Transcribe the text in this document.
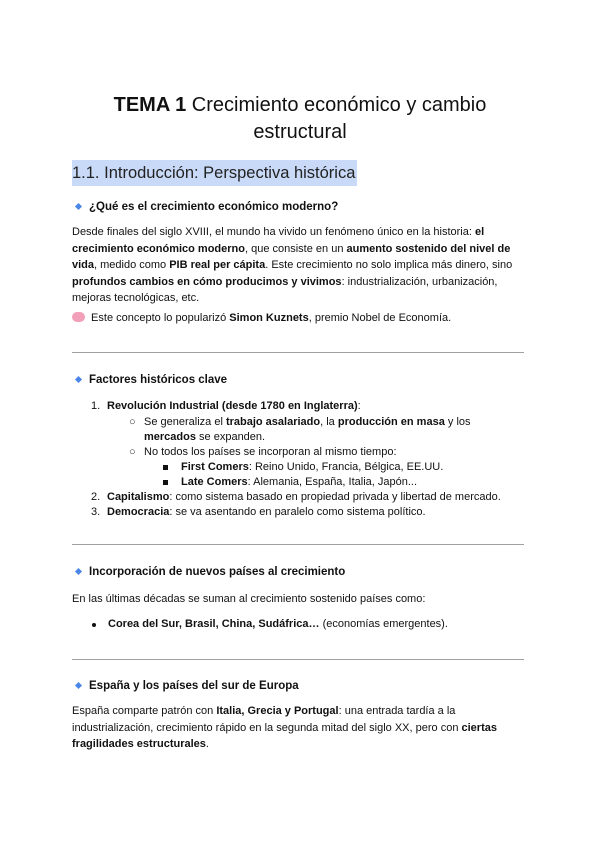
TEMA 1 Crecimiento económico y cambio
estructural
1.1. Introducción: Perspectiva histórica
¿Qué es el crecimiento económico moderno?
Desde finales del siglo XVIII, el mundo ha vivido un fenómeno único en la historia: el crecimiento económico moderno, que consiste en un aumento sostenido del nivel de vida, medido como PIB real per cápita. Este crecimiento no solo implica más dinero, sino profundos cambios en cómo producimos y vivimos: industrialización, urbanización, mejoras tecnológicas, etc.
Este concepto lo popularizó Simon Kuznets, premio Nobel de Economía.
Factores históricos clave
1. Revolución Industrial (desde 1780 en Inglaterra):
○ Se generaliza el trabajo asalariado, la producción en masa y los
mercados se expanden.
○ No todos los países se incorporan al mismo tiempo:
First Comers: Reino Unido, Francia, Bélgica, EE.UU.
Late Comers: Alemania, España, Italia, Japón...
2. Capitalismo: como sistema basado en propiedad privada y libertad de mercado.
3. Democracia: se va asentando en paralelo como sistema político.
Incorporación de nuevos países al crecimiento
En las últimas décadas se suman al crecimiento sostenido países como:
Corea del Sur, Brasil, China, Sudáfrica… (economías emergentes).
España y los países del sur de Europa
España comparte patrón con Italia, Grecia y Portugal: una entrada tardía a la industrialización, crecimiento rápido en la segunda mitad del siglo XX, pero con ciertas fragilidades estructurales.
